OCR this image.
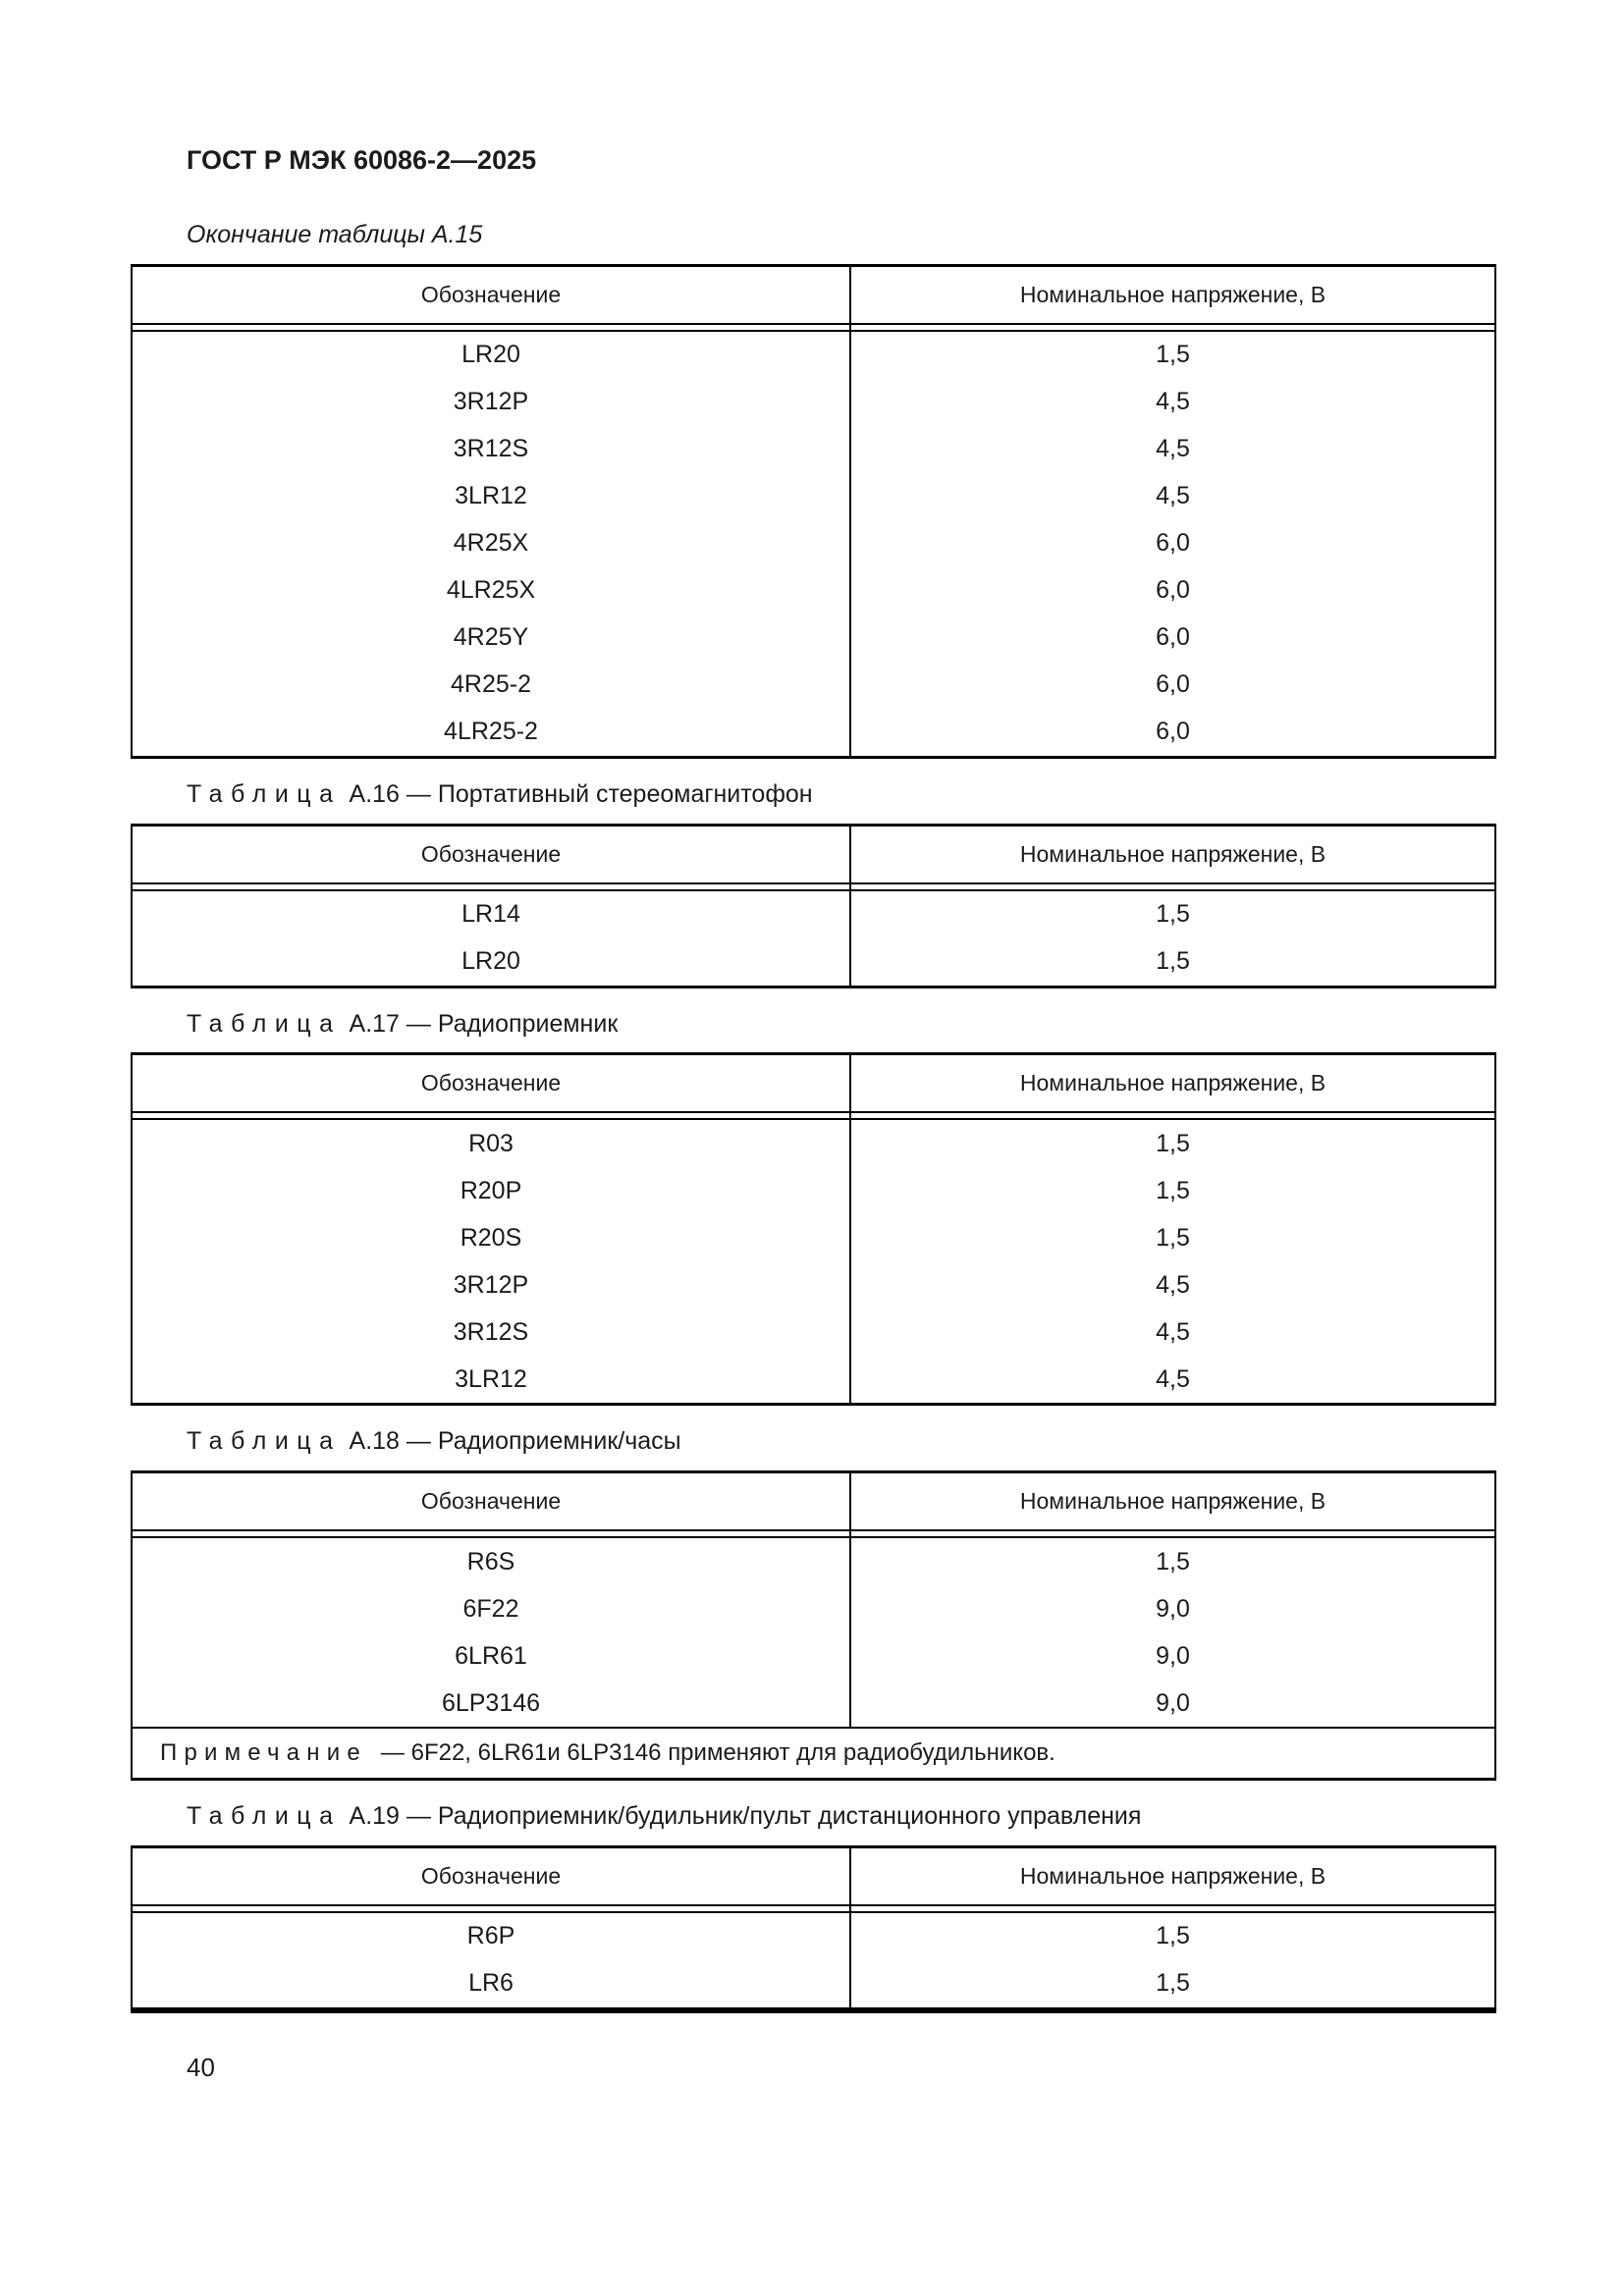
ГОСТ Р МЭК 60086-2—2025
Окончание таблицы А.15
Обозначение	Номинальное напряжение, В

LR20	1,5
3R12P	4,5
3R12S	4,5
3LR12	4,5
4R25X	6,0
4LR25X	6,0
4R25Y	6,0
4R25-2	6,0
4LR25-2	6,0
Таблица А.16 — Портативный стереомагнитофон
Обозначение	Номинальное напряжение, В

LR14	1,5
LR20	1,5
Таблица А.17 — Радиоприемник
Обозначение	Номинальное напряжение, В

R03	1,5
R20P	1,5
R20S	1,5
3R12P	4,5
3R12S	4,5
3LR12	4,5
Таблица А.18 — Радиоприемник/часы
Обозначение	Номинальное напряжение, В

R6S	1,5
6F22	9,0
6LR61	9,0
6LP3146	9,0
Примечание — 6F22, 6LR61и 6LP3146 применяют для радиобудильников.	
Таблица А.19 — Радиоприемник/будильник/пульт дистанционного управления
Обозначение	Номинальное напряжение, В

R6P	1,5
LR6	1,5
40
